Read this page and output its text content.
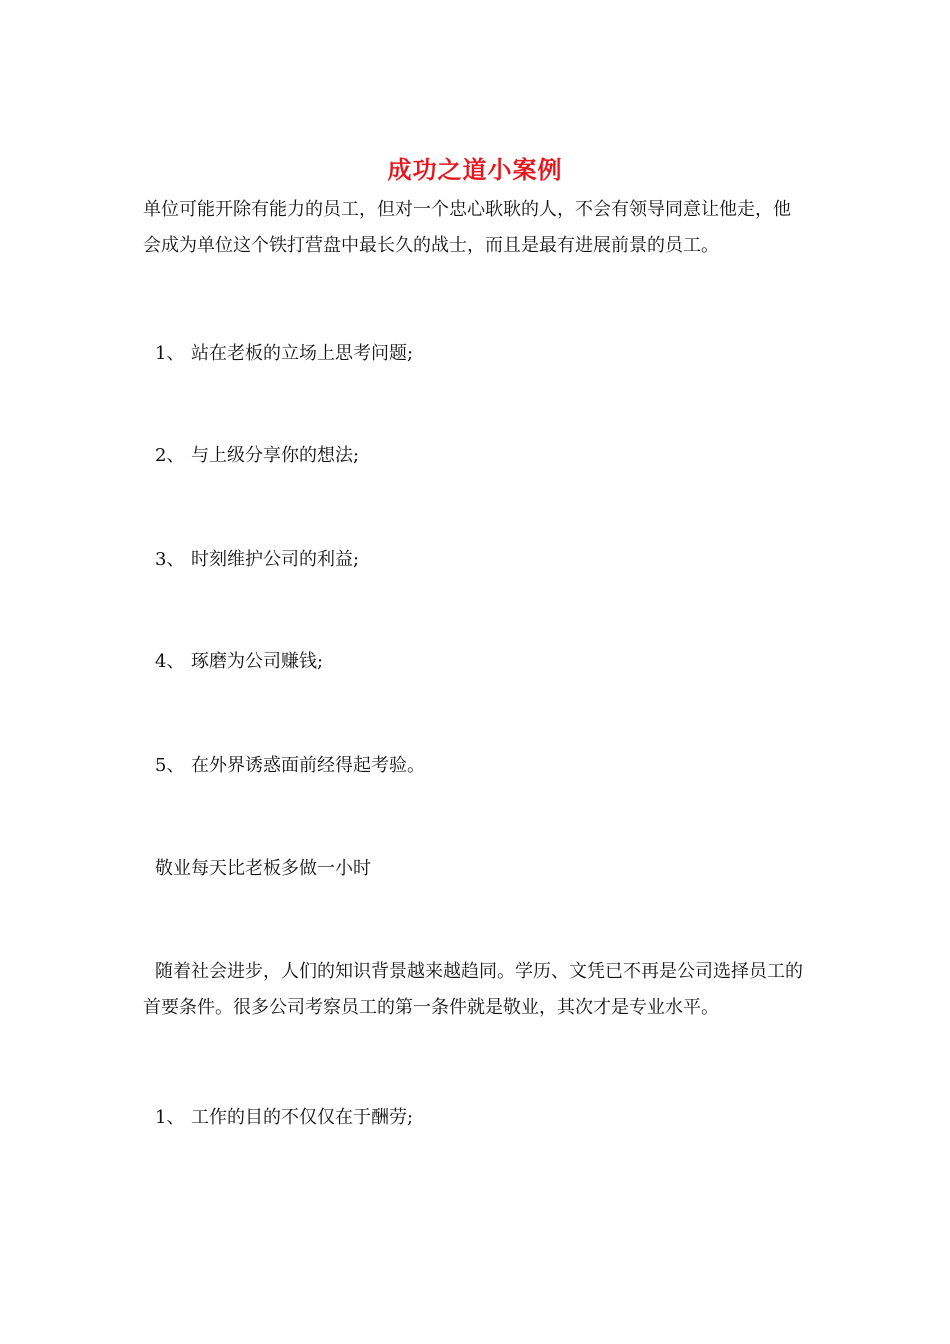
成功之道小案例
单位可能开除有能力的员工，但对一个忠心耿耿的人，不会有领导同意让他走，他会成为单位这个铁打营盘中最长久的战士，而且是最有进展前景的员工。
1、 站在老板的立场上思考问题;
2、 与上级分享你的想法;
3、 时刻维护公司的利益;
4、 琢磨为公司赚钱;
5、 在外界诱惑面前经得起考验。
敬业每天比老板多做一小时
随着社会进步，人们的知识背景越来越趋同。学历、文凭已不再是公司选择员工的首要条件。很多公司考察员工的第一条件就是敬业，其次才是专业水平。
1、 工作的目的不仅仅在于酬劳;
